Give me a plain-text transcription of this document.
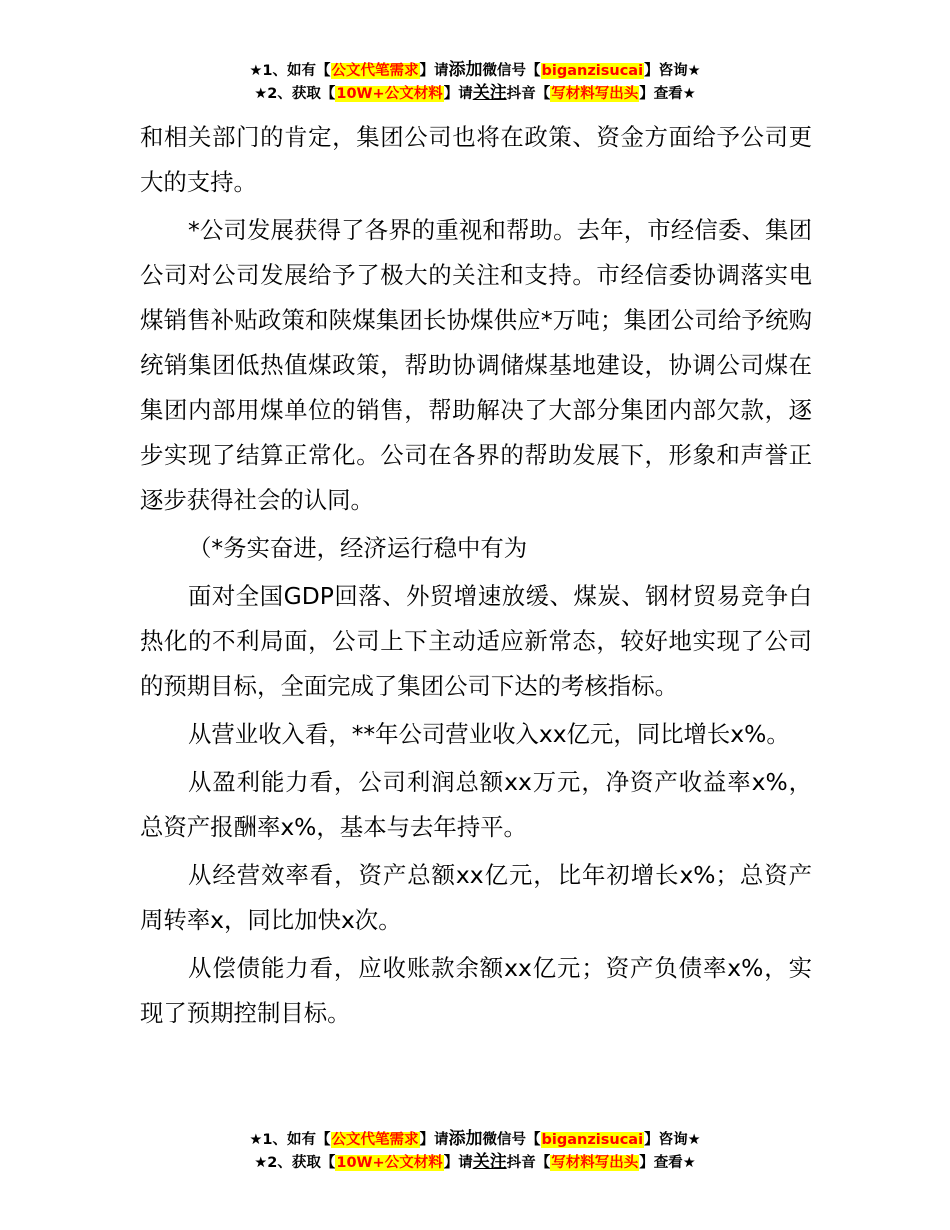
★1、如有【公文代笔需求】请添加微信号【biganzisucai】咨询★
★2、获取【10W+公文材料】请关注抖音【写材料写出头】查看★

和相关部门的肯定，集团公司也将在政策、资金方面给予公司更大的支持。

*公司发展获得了各界的重视和帮助。去年，市经信委、集团公司对公司发展给予了极大的关注和支持。市经信委协调落实电煤销售补贴政策和陕煤集团长协煤供应*万吨；集团公司给予统购统销集团低热值煤政策，帮助协调储煤基地建设，协调公司煤在集团内部用煤单位的销售，帮助解决了大部分集团内部欠款，逐步实现了结算正常化。公司在各界的帮助发展下，形象和声誉正逐步获得社会的认同。

（*务实奋进，经济运行稳中有为

面对全国GDP回落、外贸增速放缓、煤炭、钢材贸易竞争白热化的不利局面，公司上下主动适应新常态，较好地实现了公司的预期目标，全面完成了集团公司下达的考核指标。

从营业收入看，**年公司营业收入xx亿元，同比增长x%。

从盈利能力看，公司利润总额xx万元，净资产收益率x%，总资产报酬率x%，基本与去年持平。

从经营效率看，资产总额xx亿元，比年初增长x%；总资产周转率x，同比加快x次。

从偿债能力看，应收账款余额xx亿元；资产负债率x%，实现了预期控制目标。

★1、如有【公文代笔需求】请添加微信号【biganzisucai】咨询★
★2、获取【10W+公文材料】请关注抖音【写材料写出头】查看★
